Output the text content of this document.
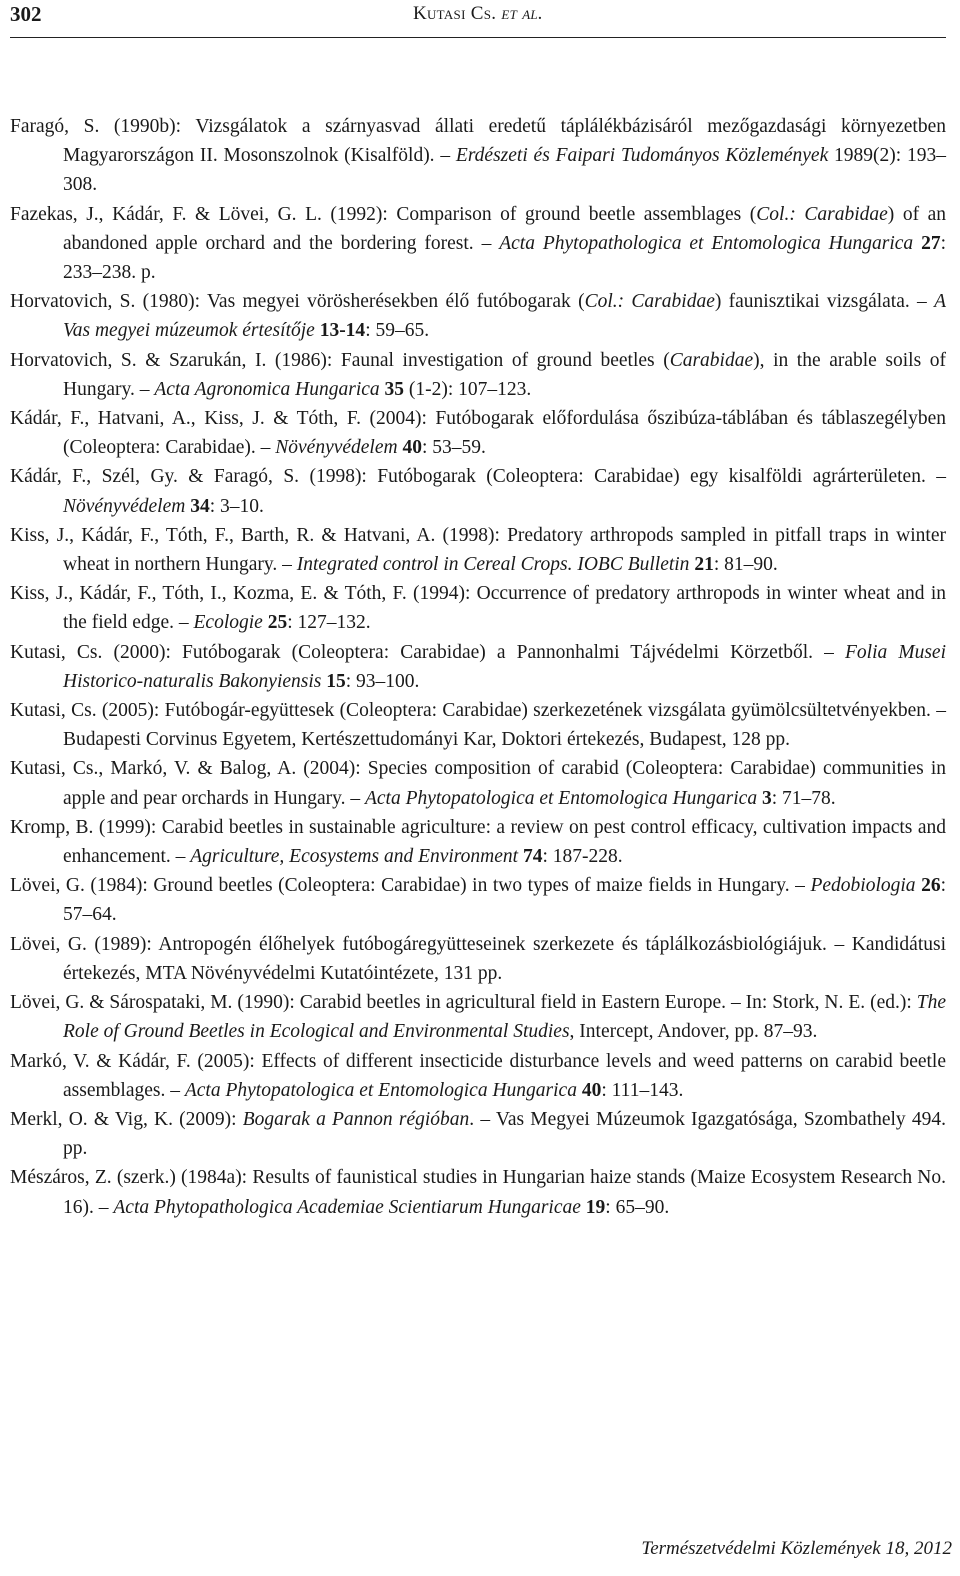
302	Kutasi Cs. et al.
Faragó, S. (1990b): Vizsgálatok a szárnyasvad állati eredetű táplálékbázisáról mezőgazdasági környezetben Magyarországon II. Mosonszolnok (Kisalföld). – Erdészeti és Faipari Tudományos Közlemények 1989(2): 193–308.
Fazekas, J., Kádár, F. & Lövei, G. L. (1992): Comparison of ground beetle assemblages (Col.: Carabidae) of an abandoned apple orchard and the bordering forest. – Acta Phytopathologica et Entomologica Hungarica 27: 233–238. p.
Horvatovich, S. (1980): Vas megyei vörösherésekben élő futóbogarak (Col.: Carabidae) faunisztikai vizsgálata. – A Vas megyei múzeumok értesítője 13-14: 59–65.
Horvatovich, S. & Szarukán, I. (1986): Faunal investigation of ground beetles (Carabidae), in the arable soils of Hungary. – Acta Agronomica Hungarica 35 (1-2): 107–123.
Kádár, F., Hatvani, A., Kiss, J. & Tóth, F. (2004): Futóbogarak előfordulása őszibúza-táblában és táblaszegélyben (Coleoptera: Carabidae). – Növényvédelem 40: 53–59.
Kádár, F., Szél, Gy. & Faragó, S. (1998): Futóbogarak (Coleoptera: Carabidae) egy kisalföldi agrárterületen. – Növényvédelem 34: 3–10.
Kiss, J., Kádár, F., Tóth, F., Barth, R. & Hatvani, A. (1998): Predatory arthropods sampled in pitfall traps in winter wheat in northern Hungary. – Integrated control in Cereal Crops. IOBC Bulletin 21: 81–90.
Kiss, J., Kádár, F., Tóth, I., Kozma, E. & Tóth, F. (1994): Occurrence of predatory arthropods in winter wheat and in the field edge. – Ecologie 25: 127–132.
Kutasi, Cs. (2000): Futóbogarak (Coleoptera: Carabidae) a Pannonhalmi Tájvédelmi Körzetből. – Folia Musei Historico-naturalis Bakonyiensis 15: 93–100.
Kutasi, Cs. (2005): Futóbogár-együttesek (Coleoptera: Carabidae) szerkezetének vizsgálata gyümölcsültetvényekben. – Budapesti Corvinus Egyetem, Kertészettudományi Kar, Doktori értekezés, Budapest, 128 pp.
Kutasi, Cs., Markó, V. & Balog, A. (2004): Species composition of carabid (Coleoptera: Carabidae) communities in apple and pear orchards in Hungary. – Acta Phytopatologica et Entomologica Hungarica 3: 71–78.
Kromp, B. (1999): Carabid beetles in sustainable agriculture: a review on pest control efficacy, cultivation impacts and enhancement. – Agriculture, Ecosystems and Environment 74: 187-228.
Lövei, G. (1984): Ground beetles (Coleoptera: Carabidae) in two types of maize fields in Hungary. – Pedobiologia 26: 57–64.
Lövei, G. (1989): Antropogén élőhelyek futóbogáregyütteseinek szerkezete és táplálkozásbiológiájuk. – Kandidátusi értekezés, MTA Növényvédelmi Kutatóintézete, 131 pp.
Lövei, G. & Sárospataki, M. (1990): Carabid beetles in agricultural field in Eastern Europe. – In: Stork, N. E. (ed.): The Role of Ground Beetles in Ecological and Environmental Studies, Intercept, Andover, pp. 87–93.
Markó, V. & Kádár, F. (2005): Effects of different insecticide disturbance levels and weed patterns on carabid beetle assemblages. – Acta Phytopatologica et Entomologica Hungarica 40: 111–143.
Merkl, O. & Vig, K. (2009): Bogarak a Pannon régióban. – Vas Megyei Múzeumok Igazgatósága, Szombathely 494. pp.
Mészáros, Z. (szerk.) (1984a): Results of faunistical studies in Hungarian haize stands (Maize Ecosystem Research No. 16). – Acta Phytopathologica Academiae Scientiarum Hungaricae 19: 65–90.
Természetvédelmi Közlemények 18, 2012
